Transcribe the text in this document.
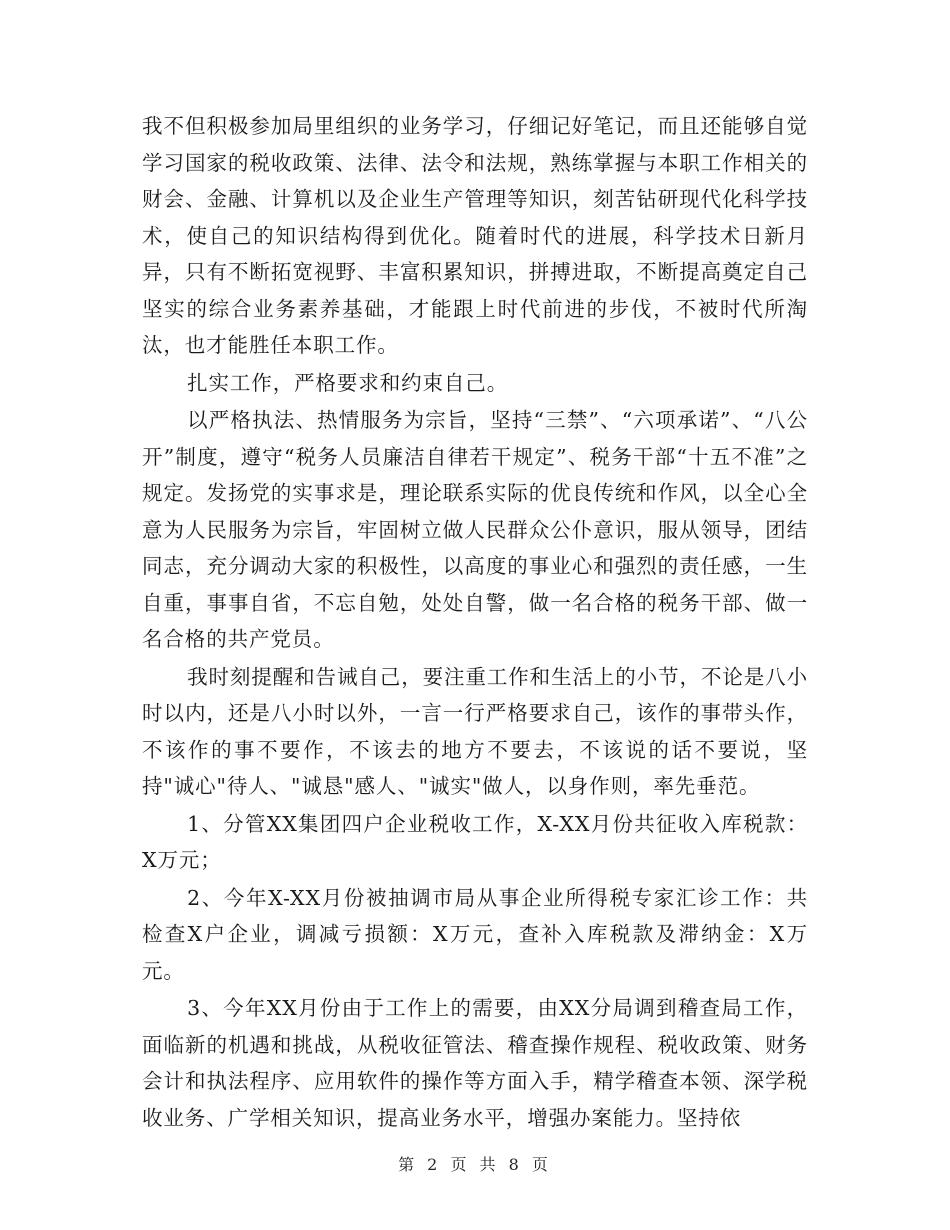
我不但积极参加局里组织的业务学习，仔细记好笔记，而且还能够自觉学习国家的税收政策、法律、法令和法规，熟练掌握与本职工作相关的财会、金融、计算机以及企业生产管理等知识，刻苦钻研现代化科学技术，使自己的知识结构得到优化。随着时代的进展，科学技术日新月异，只有不断拓宽视野、丰富积累知识，拼搏进取，不断提高奠定自己坚实的综合业务素养基础，才能跟上时代前进的步伐，不被时代所淘汰，也才能胜任本职工作。

扎实工作，严格要求和约束自己。

以严格执法、热情服务为宗旨，坚持“三禁”、“六项承诺”、“八公开”制度，遵守“税务人员廉洁自律若干规定”、税务干部“十五不准”之规定。发扬党的实事求是，理论联系实际的优良传统和作风，以全心全意为人民服务为宗旨，牢固树立做人民群众公仆意识，服从领导，团结同志，充分调动大家的积极性，以高度的事业心和强烈的责任感，一生自重，事事自省，不忘自勉，处处自警，做一名合格的税务干部、做一名合格的共产党员。

我时刻提醒和告诫自己，要注重工作和生活上的小节，不论是八小时以内，还是八小时以外，一言一行严格要求自己，该作的事带头作，不该作的事不要作，不该去的地方不要去，不该说的话不要说，坚持"诚心"待人、"诚恳"感人、"诚实"做人，以身作则，率先垂范。

1、分管XX集团四户企业税收工作，X-XX月份共征收入库税款：X万元；

2、今年X-XX月份被抽调市局从事企业所得税专家汇诊工作：共检查X户企业，调减亏损额：X万元，查补入库税款及滞纳金：X万元。

3、今年XX月份由于工作上的需要，由XX分局调到稽查局工作，面临新的机遇和挑战，从税收征管法、稽查操作规程、税收政策、财务会计和执法程序、应用软件的操作等方面入手，精学稽查本领、深学税收业务、广学相关知识，提高业务水平，增强办案能力。坚持依

第 2 页 共 8 页
